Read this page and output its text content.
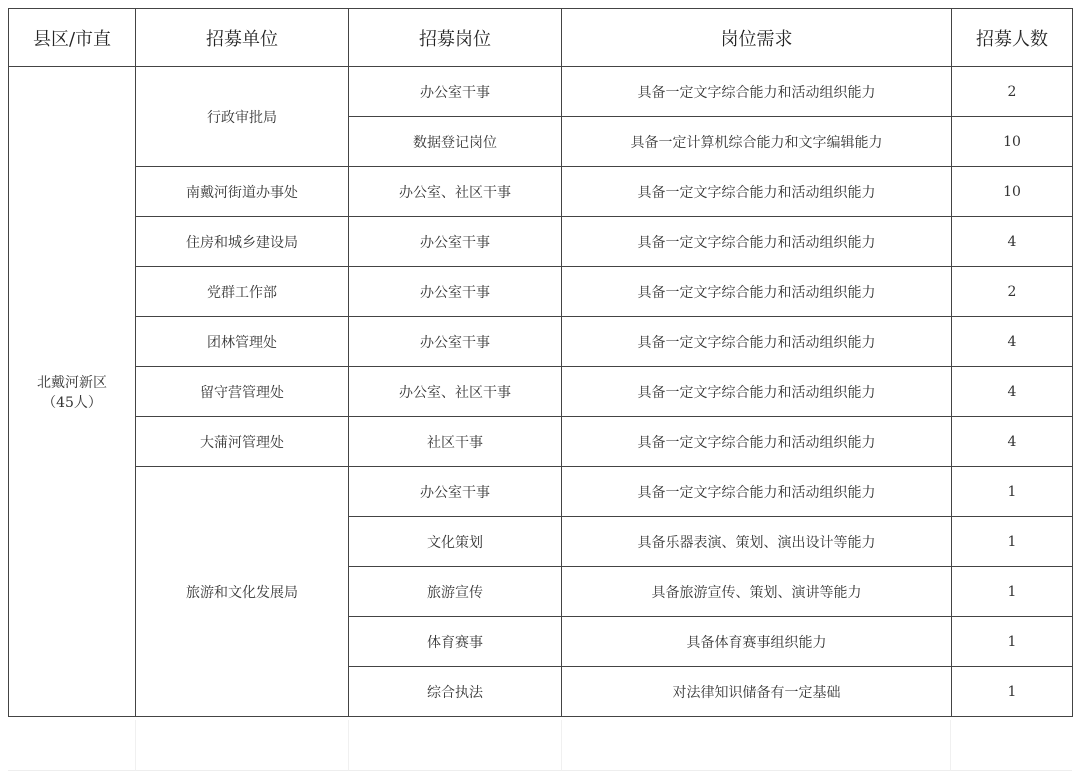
县区/市直	招募单位	招募岗位	岗位需求	招募人数
北戴河新区
（45人）	行政审批局	办公室干事	具备一定文字综合能力和活动组织能力	2
		数据登记岗位	具备一定计算机综合能力和文字编辑能力	10
	南戴河街道办事处	办公室、社区干事	具备一定文字综合能力和活动组织能力	10
	住房和城乡建设局	办公室干事	具备一定文字综合能力和活动组织能力	4
	党群工作部	办公室干事	具备一定文字综合能力和活动组织能力	2
	团林管理处	办公室干事	具备一定文字综合能力和活动组织能力	4
	留守营管理处	办公室、社区干事	具备一定文字综合能力和活动组织能力	4
	大蒲河管理处	社区干事	具备一定文字综合能力和活动组织能力	4
	旅游和文化发展局	办公室干事	具备一定文字综合能力和活动组织能力	1
		文化策划	具备乐器表演、策划、演出设计等能力	1
		旅游宣传	具备旅游宣传、策划、演讲等能力	1
		体育赛事	具备体育赛事组织能力	1
		综合执法	对法律知识储备有一定基础	1
